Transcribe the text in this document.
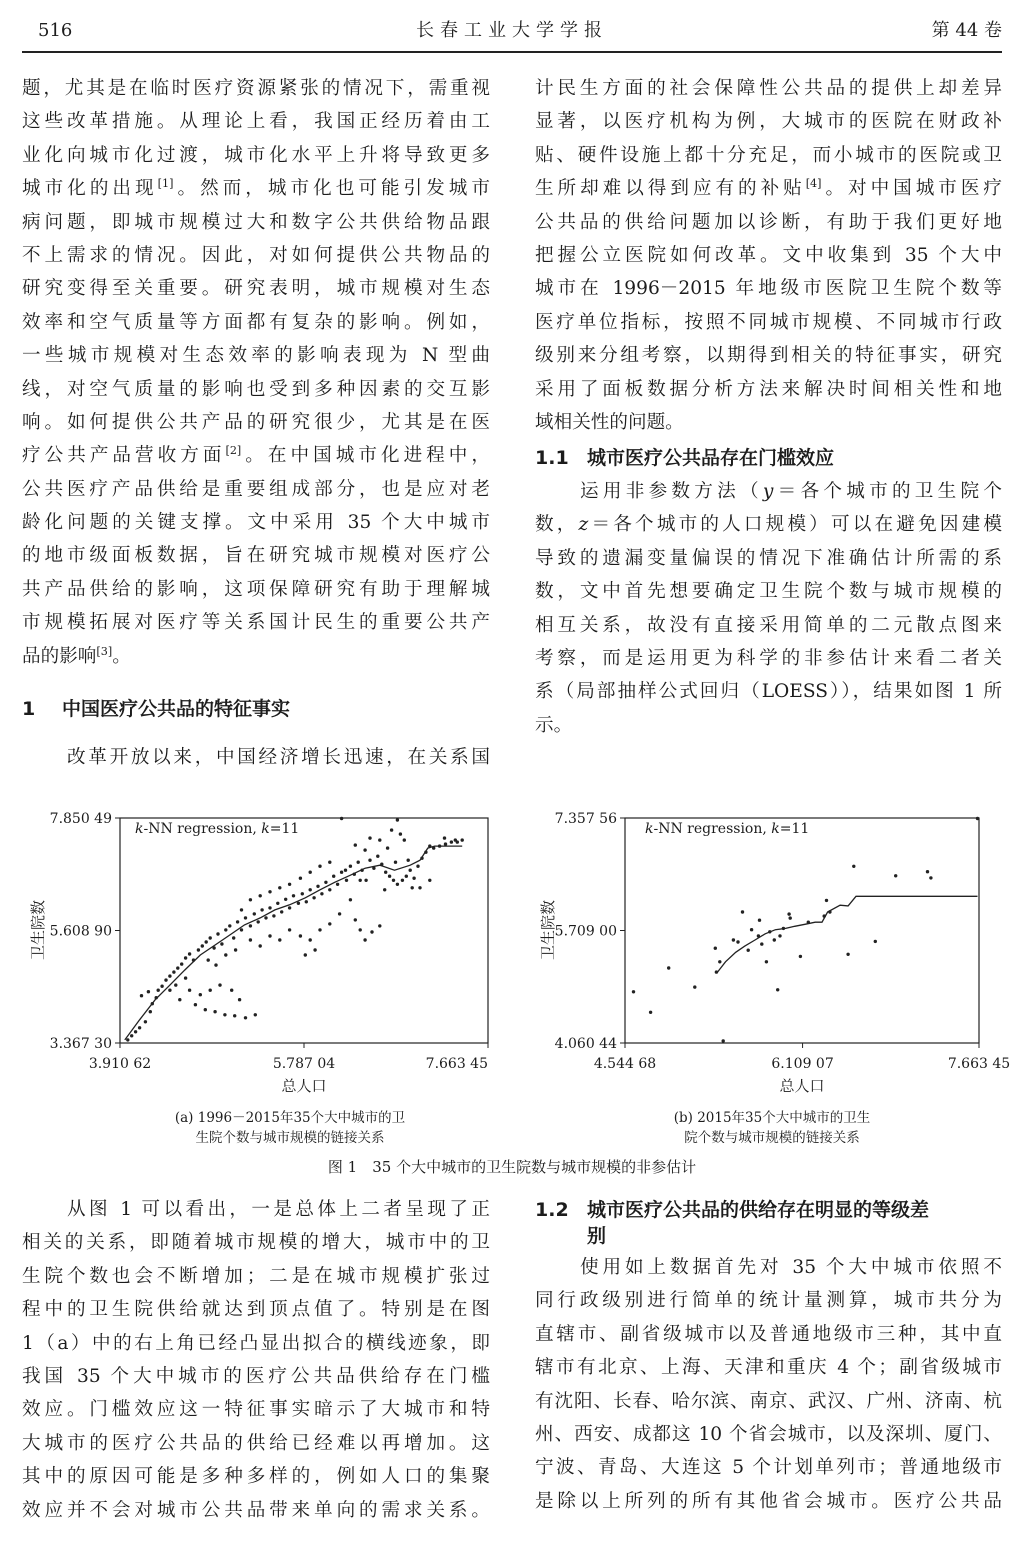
516	长春工业大学学报	第 44 卷
题，尤其是在临时医疗资源紧张的情况下，需重视
这些改革措施。从理论上看，我国正经历着由工
业化向城市化过渡，城市化水平上升将导致更多
城市化的出现[1]。然而，城市化也可能引发城市
病问题，即城市规模过大和数字公共供给物品跟
不上需求的情况。因此，对如何提供公共物品的
研究变得至关重要。研究表明，城市规模对生态
效率和空气质量等方面都有复杂的影响。例如，
一些城市规模对生态效率的影响表现为 N 型曲
线，对空气质量的影响也受到多种因素的交互影
响。如何提供公共产品的研究很少，尤其是在医
疗公共产品营收方面[2]。在中国城市化进程中，
公共医疗产品供给是重要组成部分，也是应对老
龄化问题的关键支撑。文中采用 35 个大中城市
的地市级面板数据，旨在研究城市规模对医疗公
共产品供给的影响，这项保障研究有助于理解城
市规模拓展对医疗等关系国计民生的重要公共产
品的影响[3]。
1 中国医疗公共品的特征事实
改革开放以来，中国经济增长迅速，在关系国
计民生方面的社会保障性公共品的提供上却差异
显著，以医疗机构为例，大城市的医院在财政补
贴、硬件设施上都十分充足，而小城市的医院或卫
生所却难以得到应有的补贴[4]。对中国城市医疗
公共品的供给问题加以诊断，有助于我们更好地
把握公立医院如何改革。文中收集到 35 个大中
城市在 1996－2015 年地级市医院卫生院个数等
医疗单位指标，按照不同城市规模、不同城市行政
级别来分组考察，以期得到相关的特征事实，研究
采用了面板数据分析方法来解决时间相关性和地
域相关性的问题。
1.1 城市医疗公共品存在门槛效应
运用非参数方法（y＝各个城市的卫生院个
数，z＝各个城市的人口规模）可以在避免因建模
导致的遗漏变量偏误的情况下准确估计所需的系
数，文中首先想要确定卫生院个数与城市规模的
相互关系，故没有直接采用简单的二元散点图来
考察，而是运用更为科学的非参估计来看二者关
系（局部抽样公式回归（LOESS）），结果如图 1 所
示。
7.850 49
5.608 90
3.367 30
3.910 62	5.787 04	7.663 45
卫生院数
总人口
k-NN regression, k=11
7.357 56
5.709 00
4.060 44
4.544 68	6.109 07	7.663 45
卫生院数
总人口
k-NN regression, k=11
(a) 1996－2015年35个大中城市的卫
生院个数与城市规模的链接关系
(b) 2015年35个大中城市的卫生
院个数与城市规模的链接关系
图 1　35 个大中城市的卫生院数与城市规模的非参估计
从图 1 可以看出，一是总体上二者呈现了正
相关的关系，即随着城市规模的增大，城市中的卫
生院个数也会不断增加；二是在城市规模扩张过
程中的卫生院供给就达到顶点值了。特别是在图
1（a）中的右上角已经凸显出拟合的横线迹象，即
我国 35 个大中城市的医疗公共品供给存在门槛
效应。门槛效应这一特征事实暗示了大城市和特
大城市的医疗公共品的供给已经难以再增加。这
其中的原因可能是多种多样的，例如人口的集聚
效应并不会对城市公共品带来单向的需求关系。
1.2 城市医疗公共品的供给存在明显的等级差
别
使用如上数据首先对 35 个大中城市依照不
同行政级别进行简单的统计量测算，城市共分为
直辖市、副省级城市以及普通地级市三种，其中直
辖市有北京、上海、天津和重庆 4 个；副省级城市
有沈阳、长春、哈尔滨、南京、武汉、广州、济南、杭
州、西安、成都这 10 个省会城市，以及深圳、厦门、
宁波、青岛、大连这 5 个计划单列市；普通地级市
是除以上所列的所有其他省会城市。医疗公共品
